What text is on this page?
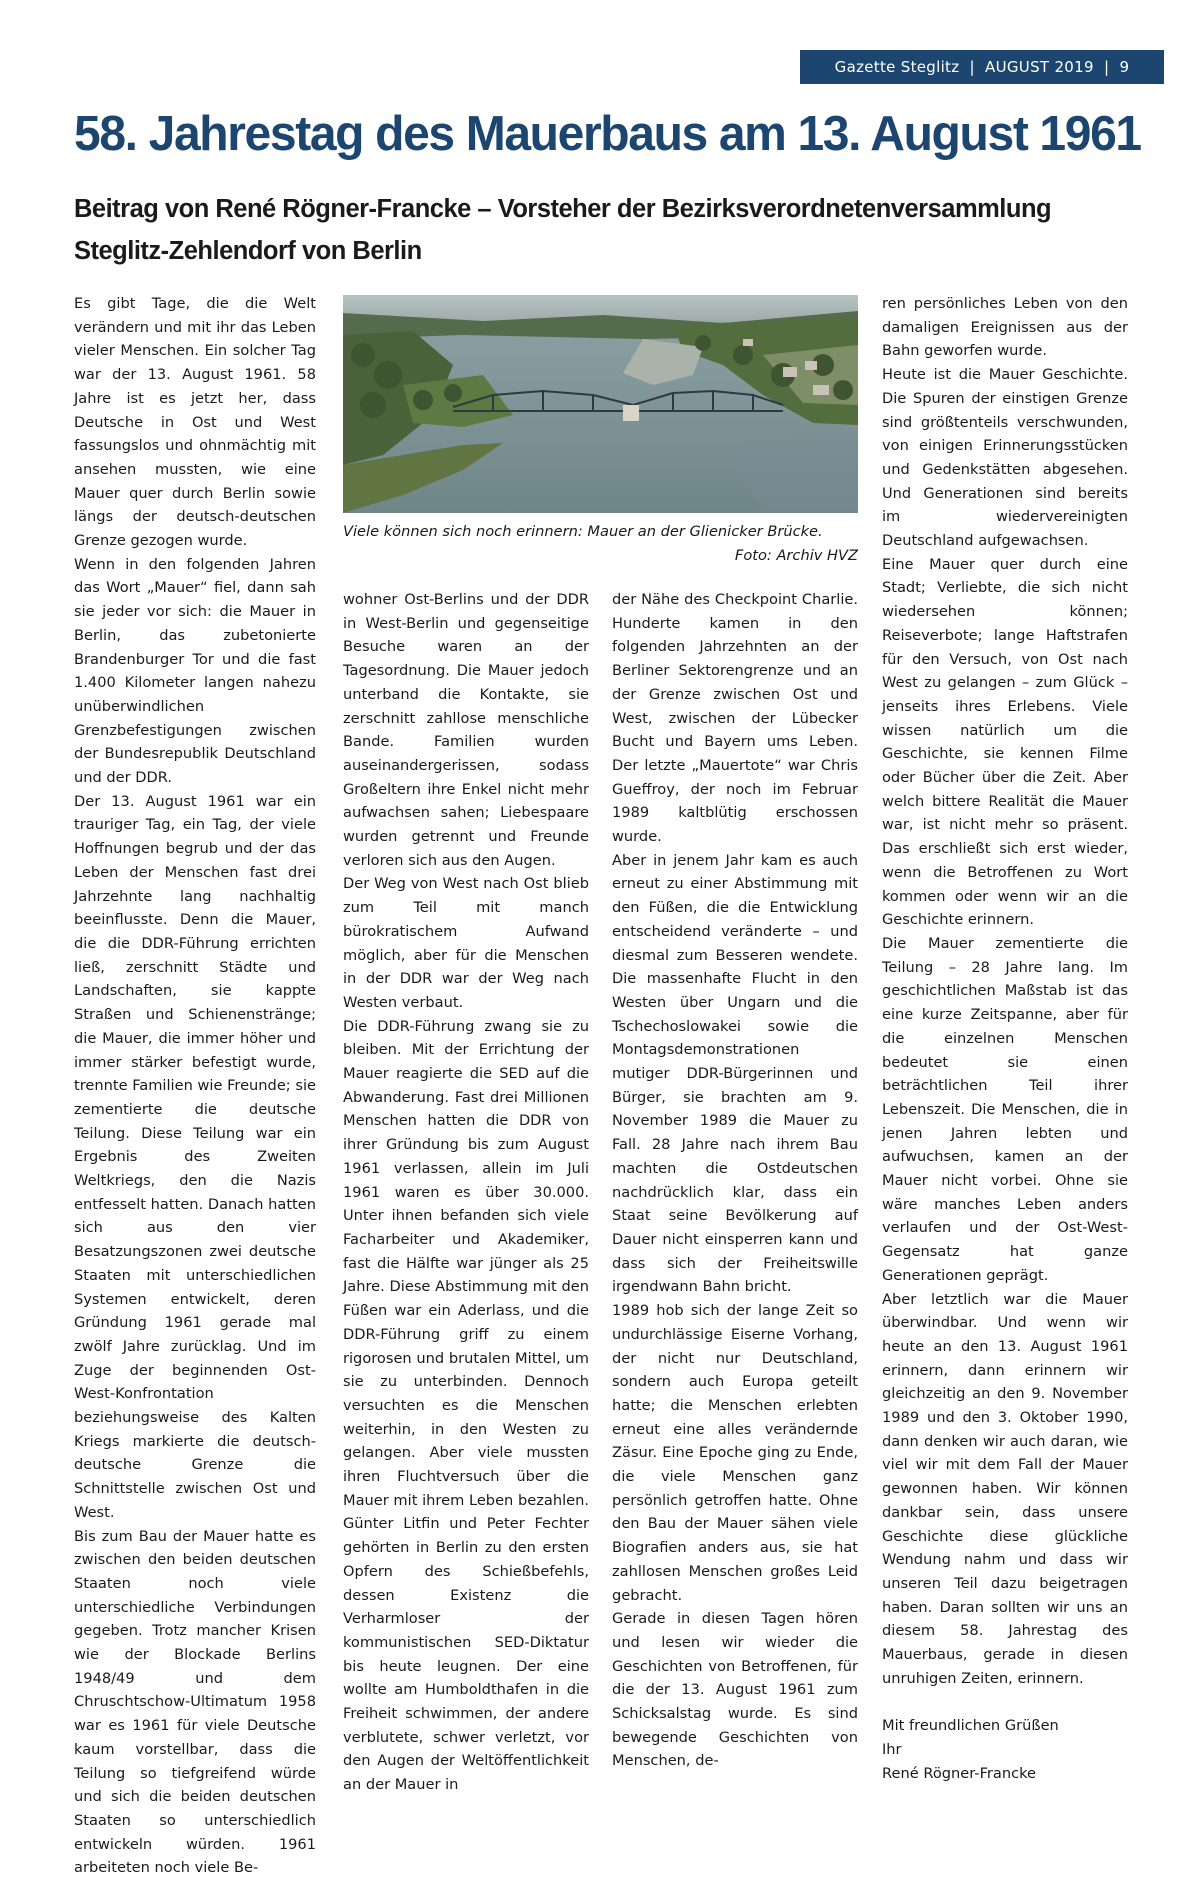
Gazette Steglitz | AUGUST 2019 | 9
58. Jahrestag des Mauerbaus am 13. August 1961
Beitrag von René Rögner-Francke – Vorsteher der Bezirksverordnetenversammlung
Steglitz-Zehlendorf von Berlin

Es gibt Tage, die die Welt verändern und mit ihr das Leben vieler Menschen. Ein solcher Tag war der 13. August 1961. 58 Jahre ist es jetzt her, dass Deutsche in Ost und West fassungslos und ohnmächtig mit ansehen mussten, wie eine Mauer quer durch Berlin sowie längs der deutsch-deutschen Grenze gezogen wurde.

Wenn in den folgenden Jahren das Wort „Mauer“ fiel, dann sah sie jeder vor sich: die Mauer in Berlin, das zubetonierte Brandenburger Tor und die fast 1.400 Kilometer langen nahezu unüberwindlichen Grenzbefestigungen zwischen der Bundesrepublik Deutschland und der DDR.

Der 13. August 1961 war ein trauriger Tag, ein Tag, der viele Hoffnungen begrub und der das Leben der Menschen fast drei Jahrzehnte lang nachhaltig beeinflusste. Denn die Mauer, die die DDR-Führung errichten ließ, zerschnitt Städte und Landschaften, sie kappte Straßen und Schienenstränge; die Mauer, die immer höher und immer stärker befestigt wurde, trennte Familien wie Freunde; sie zementierte die deutsche Teilung. Diese Teilung war ein Ergebnis des Zweiten Weltkriegs, den die Nazis entfesselt hatten. Danach hatten sich aus den vier Besatzungszonen zwei deutsche Staaten mit unterschiedlichen Systemen entwickelt, deren Gründung 1961 gerade mal zwölf Jahre zurücklag. Und im Zuge der beginnenden Ost-West-Konfrontation beziehungsweise des Kalten Kriegs markierte die deutsch-deutsche Grenze die Schnittstelle zwischen Ost und West.

Bis zum Bau der Mauer hatte es zwischen den beiden deutschen Staaten noch viele unterschiedliche Verbindungen gegeben. Trotz mancher Krisen wie der Blockade Berlins 1948/49 und dem Chruschtschow-Ultimatum 1958 war es 1961 für viele Deutsche kaum vorstellbar, dass die Teilung so tiefgreifend würde und sich die beiden deutschen Staaten so unterschiedlich entwickeln würden. 1961 arbeiteten noch viele Be-

Viele können sich noch erinnern: Mauer an der Glienicker Brücke.
Foto: Archiv HVZ

wohner Ost-Berlins und der DDR in West-Berlin und gegenseitige Besuche waren an der Tagesordnung. Die Mauer jedoch unterband die Kontakte, sie zerschnitt zahllose menschliche Bande. Familien wurden auseinandergerissen, sodass Großeltern ihre Enkel nicht mehr aufwachsen sahen; Liebespaare wurden getrennt und Freunde verloren sich aus den Augen.

Der Weg von West nach Ost blieb zum Teil mit manch bürokratischem Aufwand möglich, aber für die Menschen in der DDR war der Weg nach Westen verbaut.

Die DDR-Führung zwang sie zu bleiben. Mit der Errichtung der Mauer reagierte die SED auf die Abwanderung. Fast drei Millionen Menschen hatten die DDR von ihrer Gründung bis zum August 1961 verlassen, allein im Juli 1961 waren es über 30.000. Unter ihnen befanden sich viele Facharbeiter und Akademiker, fast die Hälfte war jünger als 25 Jahre. Diese Abstimmung mit den Füßen war ein Aderlass, und die DDR-Führung griff zu einem rigorosen und brutalen Mittel, um sie zu unterbinden. Dennoch versuchten es die Menschen weiterhin, in den Westen zu gelangen. Aber viele mussten ihren Fluchtversuch über die Mauer mit ihrem Leben bezahlen. Günter Litfin und Peter Fechter gehörten in Berlin zu den ersten Opfern des Schießbefehls, dessen Existenz die Verharmloser der kommunistischen SED-Diktatur bis heute leugnen. Der eine wollte am Humboldthafen in die Freiheit schwimmen, der andere verblutete, schwer verletzt, vor den Augen der Weltöffentlichkeit an der Mauer in

der Nähe des Checkpoint Charlie. Hunderte kamen in den folgenden Jahrzehnten an der Berliner Sektorengrenze und an der Grenze zwischen Ost und West, zwischen der Lübecker Bucht und Bayern ums Leben. Der letzte „Mauertote“ war Chris Gueffroy, der noch im Februar 1989 kaltblütig erschossen wurde.

Aber in jenem Jahr kam es auch erneut zu einer Abstimmung mit den Füßen, die die Entwicklung entscheidend veränderte – und diesmal zum Besseren wendete. Die massenhafte Flucht in den Westen über Ungarn und die Tschechoslowakei sowie die Montagsdemonstrationen mutiger DDR-Bürgerinnen und Bürger, sie brachten am 9. November 1989 die Mauer zu Fall. 28 Jahre nach ihrem Bau machten die Ostdeutschen nachdrücklich klar, dass ein Staat seine Bevölkerung auf Dauer nicht einsperren kann und dass sich der Freiheitswille irgendwann Bahn bricht.

1989 hob sich der lange Zeit so undurchlässige Eiserne Vorhang, der nicht nur Deutschland, sondern auch Europa geteilt hatte; die Menschen erlebten erneut eine alles verändernde Zäsur. Eine Epoche ging zu Ende, die viele Menschen ganz persönlich getroffen hatte. Ohne den Bau der Mauer sähen viele Biografien anders aus, sie hat zahllosen Menschen großes Leid gebracht.

Gerade in diesen Tagen hören und lesen wir wieder die Geschichten von Betroffenen, für die der 13. August 1961 zum Schicksalstag wurde. Es sind bewegende Geschichten von Menschen, de-

ren persönliches Leben von den damaligen Ereignissen aus der Bahn geworfen wurde.

Heute ist die Mauer Geschichte. Die Spuren der einstigen Grenze sind größtenteils verschwunden, von einigen Erinnerungsstücken und Gedenkstätten abgesehen. Und Generationen sind bereits im wiedervereinigten Deutschland aufgewachsen.

Eine Mauer quer durch eine Stadt; Verliebte, die sich nicht wiedersehen können; Reiseverbote; lange Haftstrafen für den Versuch, von Ost nach West zu gelangen – zum Glück – jenseits ihres Erlebens. Viele wissen natürlich um die Geschichte, sie kennen Filme oder Bücher über die Zeit. Aber welch bittere Realität die Mauer war, ist nicht mehr so präsent. Das erschließt sich erst wieder, wenn die Betroffenen zu Wort kommen oder wenn wir an die Geschichte erinnern.

Die Mauer zementierte die Teilung – 28 Jahre lang. Im geschichtlichen Maßstab ist das eine kurze Zeitspanne, aber für die einzelnen Menschen bedeutet sie einen beträchtlichen Teil ihrer Lebenszeit. Die Menschen, die in jenen Jahren lebten und aufwuchsen, kamen an der Mauer nicht vorbei. Ohne sie wäre manches Leben anders verlaufen und der Ost-West-Gegensatz hat ganze Generationen geprägt.

Aber letztlich war die Mauer überwindbar. Und wenn wir heute an den 13. August 1961 erinnern, dann erinnern wir gleichzeitig an den 9. November 1989 und den 3. Oktober 1990, dann denken wir auch daran, wie viel wir mit dem Fall der Mauer gewonnen haben. Wir können dankbar sein, dass unsere Geschichte diese glückliche Wendung nahm und dass wir unseren Teil dazu beigetragen haben. Daran sollten wir uns an diesem 58. Jahrestag des Mauerbaus, gerade in diesen unruhigen Zeiten, erinnern.

Mit freundlichen Grüßen
Ihr
René Rögner-Francke
